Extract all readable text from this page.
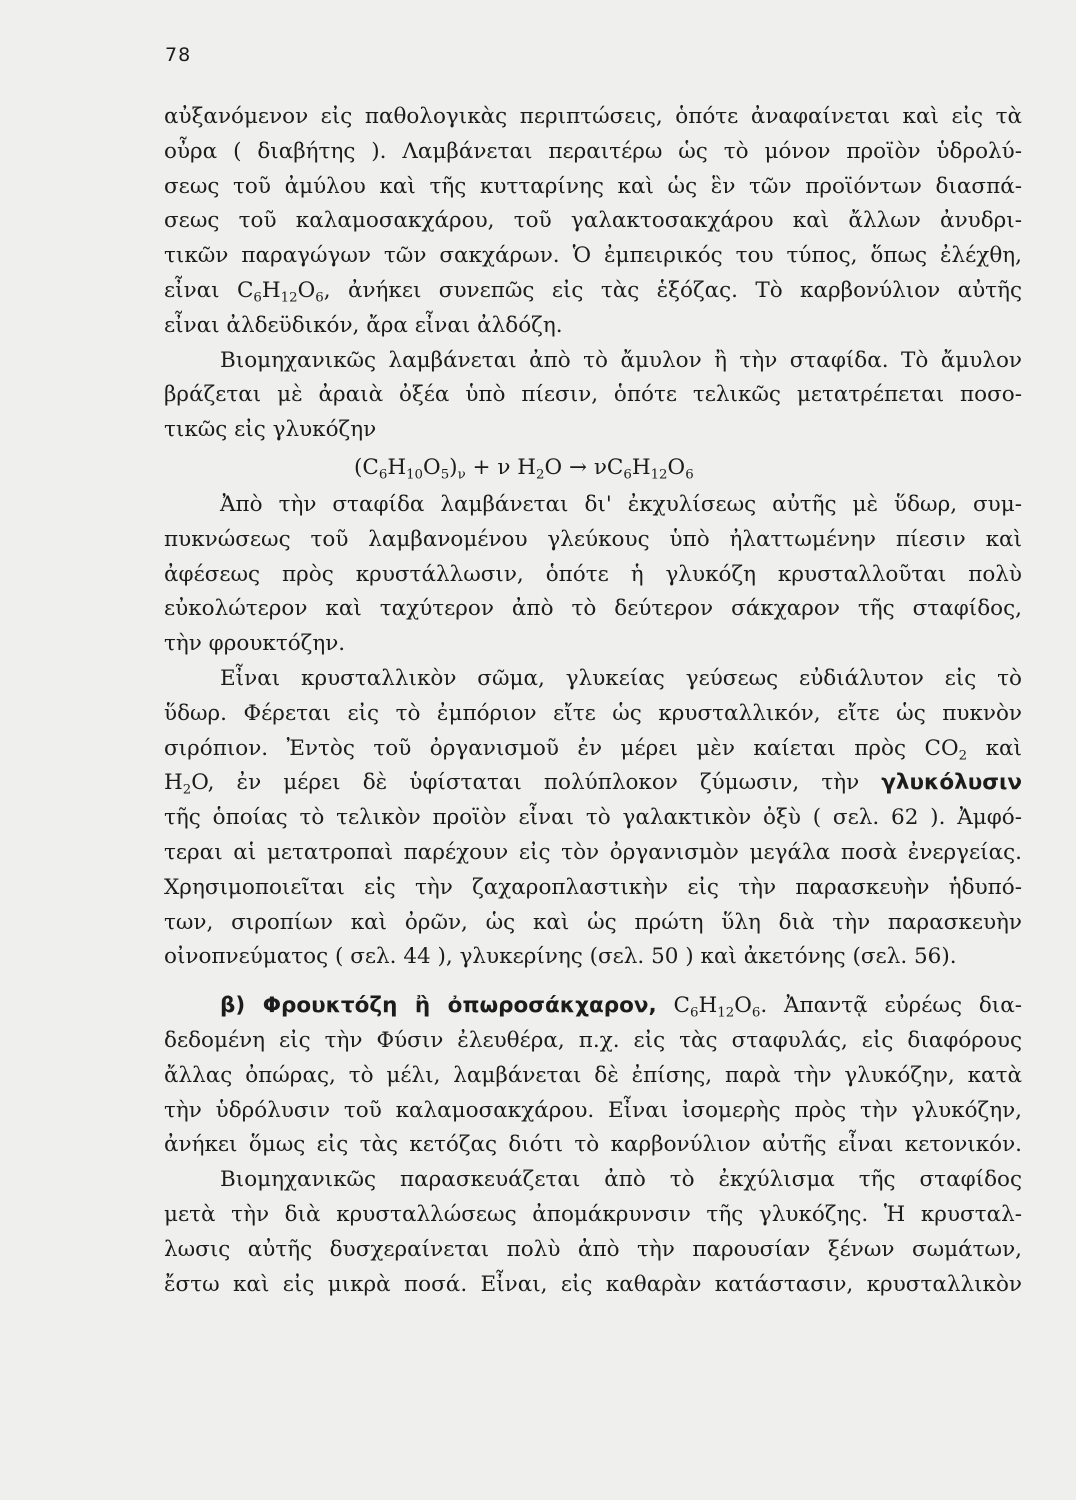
78
αὐξανόμενον εἰς παθολογικὰς περιπτώσεις, ὁπότε ἀναφαίνεται καὶ εἰς τὰ
οὖρα ( διαβήτης ). Λαμβάνεται περαιτέρω ὡς τὸ μόνον προϊὸν ὑδρολύ-
σεως τοῦ ἀμύλου καὶ τῆς κυτταρίνης καὶ ὡς ἓν τῶν προϊόντων διασπά-
σεως τοῦ καλαμοσακχάρου, τοῦ γαλακτοσακχάρου καὶ ἄλλων ἀνυδρι-
τικῶν παραγώγων τῶν σακχάρων. Ὁ ἐμπειρικός του τύπος, ὅπως ἐλέχθη,
εἶναι $C_6H_{12}O_6$, ἀνήκει συνεπῶς εἰς τὰς ἑξόζας. Τὸ καρβονύλιον αὐτῆς
εἶναι ἀλδεϋδικόν, ἄρα εἶναι ἀλδόζη.
Βιομηχανικῶς λαμβάνεται ἀπὸ τὸ ἄμυλον ἢ τὴν σταφίδα. Τὸ ἄμυλον
βράζεται μὲ ἀραιὰ ὀξέα ὑπὸ πίεσιν, ὁπότε τελικῶς μετατρέπεται ποσο-
τικῶς εἰς γλυκόζην
$(C_6H_{10}O_5)_\nu + \nu$ $H_2O \to \nu C_6H_{12}O_6$
Ἀπὸ τὴν σταφίδα λαμβάνεται δι' ἐκχυλίσεως αὐτῆς μὲ ὕδωρ, συμ-
πυκνώσεως τοῦ λαμβανομένου γλεύκους ὑπὸ ἠλαττωμένην πίεσιν καὶ
ἀφέσεως πρὸς κρυστάλλωσιν, ὁπότε ἡ γλυκόζη κρυσταλλοῦται πολὺ
εὐκολώτερον καὶ ταχύτερον ἀπὸ τὸ δεύτερον σάκχαρον τῆς σταφίδος,
τὴν φρουκτόζην.
Εἶναι κρυσταλλικὸν σῶμα, γλυκείας γεύσεως εὐδιάλυτον εἰς τὸ
ὕδωρ. Φέρεται εἰς τὸ ἐμπόριον εἴτε ὡς κρυσταλλικόν, εἴτε ὡς πυκνὸν
σιρόπιον. Ἐντὸς τοῦ ὀργανισμοῦ ἐν μέρει μὲν καίεται πρὸς $CO_2$ καὶ
$H_2O$, ἐν μέρει δὲ ὑφίσταται πολύπλοκον ζύμωσιν, τὴν γλυκόλυσιν
τῆς ὁποίας τὸ τελικὸν προϊὸν εἶναι τὸ γαλακτικὸν ὀξὺ ( σελ. 62 ). Ἀμφό-
τεραι αἱ μετατροπαὶ παρέχουν εἰς τὸν ὀργανισμὸν μεγάλα ποσὰ ἐνεργείας.
Χρησιμοποιεῖται εἰς τὴν ζαχαροπλαστικὴν εἰς τὴν παρασκευὴν ἡδυπό-
των, σιροπίων καὶ ὀρῶν, ὡς καὶ ὡς πρώτη ὕλη διὰ τὴν παρασκευὴν
οἰνοπνεύματος ( σελ. 44 ), γλυκερίνης (σελ. 50 ) καὶ ἀκετόνης (σελ. 56).
β) Φρουκτόζη ἢ ὀπωροσάκχαρον, $C_6H_{12}O_6$. Ἀπαντᾷ εὐρέως δια-
δεδομένη εἰς τὴν Φύσιν ἐλευθέρα, π.χ. εἰς τὰς σταφυλάς, εἰς διαφόρους
ἄλλας ὀπώρας, τὸ μέλι, λαμβάνεται δὲ ἐπίσης, παρὰ τὴν γλυκόζην, κατὰ
τὴν ὑδρόλυσιν τοῦ καλαμοσακχάρου. Εἶναι ἰσομερὴς πρὸς τὴν γλυκόζην,
ἀνήκει ὅμως εἰς τὰς κετόζας διότι τὸ καρβονύλιον αὐτῆς εἶναι κετονικόν.
Βιομηχανικῶς παρασκευάζεται ἀπὸ τὸ ἐκχύλισμα τῆς σταφίδος
μετὰ τὴν διὰ κρυσταλλώσεως ἀπομάκρυνσιν τῆς γλυκόζης. Ἡ κρυσταλ-
λωσις αὐτῆς δυσχεραίνεται πολὺ ἀπὸ τὴν παρουσίαν ξένων σωμάτων,
ἔστω καὶ εἰς μικρὰ ποσά. Εἶναι, εἰς καθαρὰν κατάστασιν, κρυσταλλικὸν
